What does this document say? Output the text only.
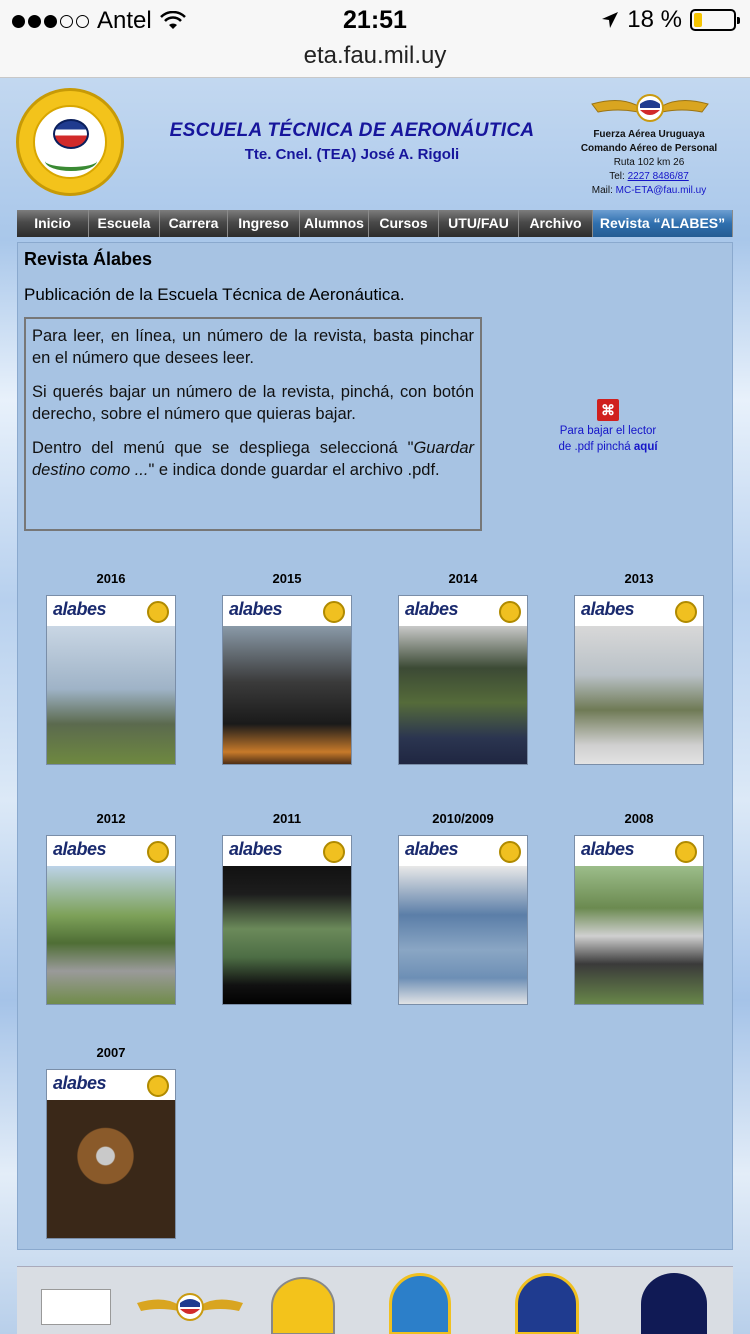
Antel	21:51	18 %
eta.fau.mil.uy
ESCUELA TÉCNICA DE AERONÁUTICA
Tte. Cnel. (TEA) José A. Rigoli
Fuerza Aérea Uruguaya
Comando Aéreo de Personal
Ruta 102 km 26
Tel: 2227 8486/87
Mail: MC-ETA@fau.mil.uy
Inicio	Escuela	Carrera	Ingreso	Alumnos	Cursos	UTU/FAU	Archivo	Revista “ALABES”
Revista Álabes
Publicación de la Escuela Técnica de Aeronáutica.

Para leer, en línea, un número de la revista, basta pinchar en el número que desees leer.

Si querés bajar un número de la revista, pinchá, con botón derecho, sobre el número que quieras bajar.

Dentro del menú que se despliega seleccioná "Guardar destino como ..." e indica donde guardar el archivo .pdf.

⌘
Para bajar el lector
de .pdf pinchá aquí
2016
alabes
2015
alabes
2014
alabes
2013
alabes
2012
alabes
2011
alabes
2010/2009
alabes
2008
alabes
2007
alabes
